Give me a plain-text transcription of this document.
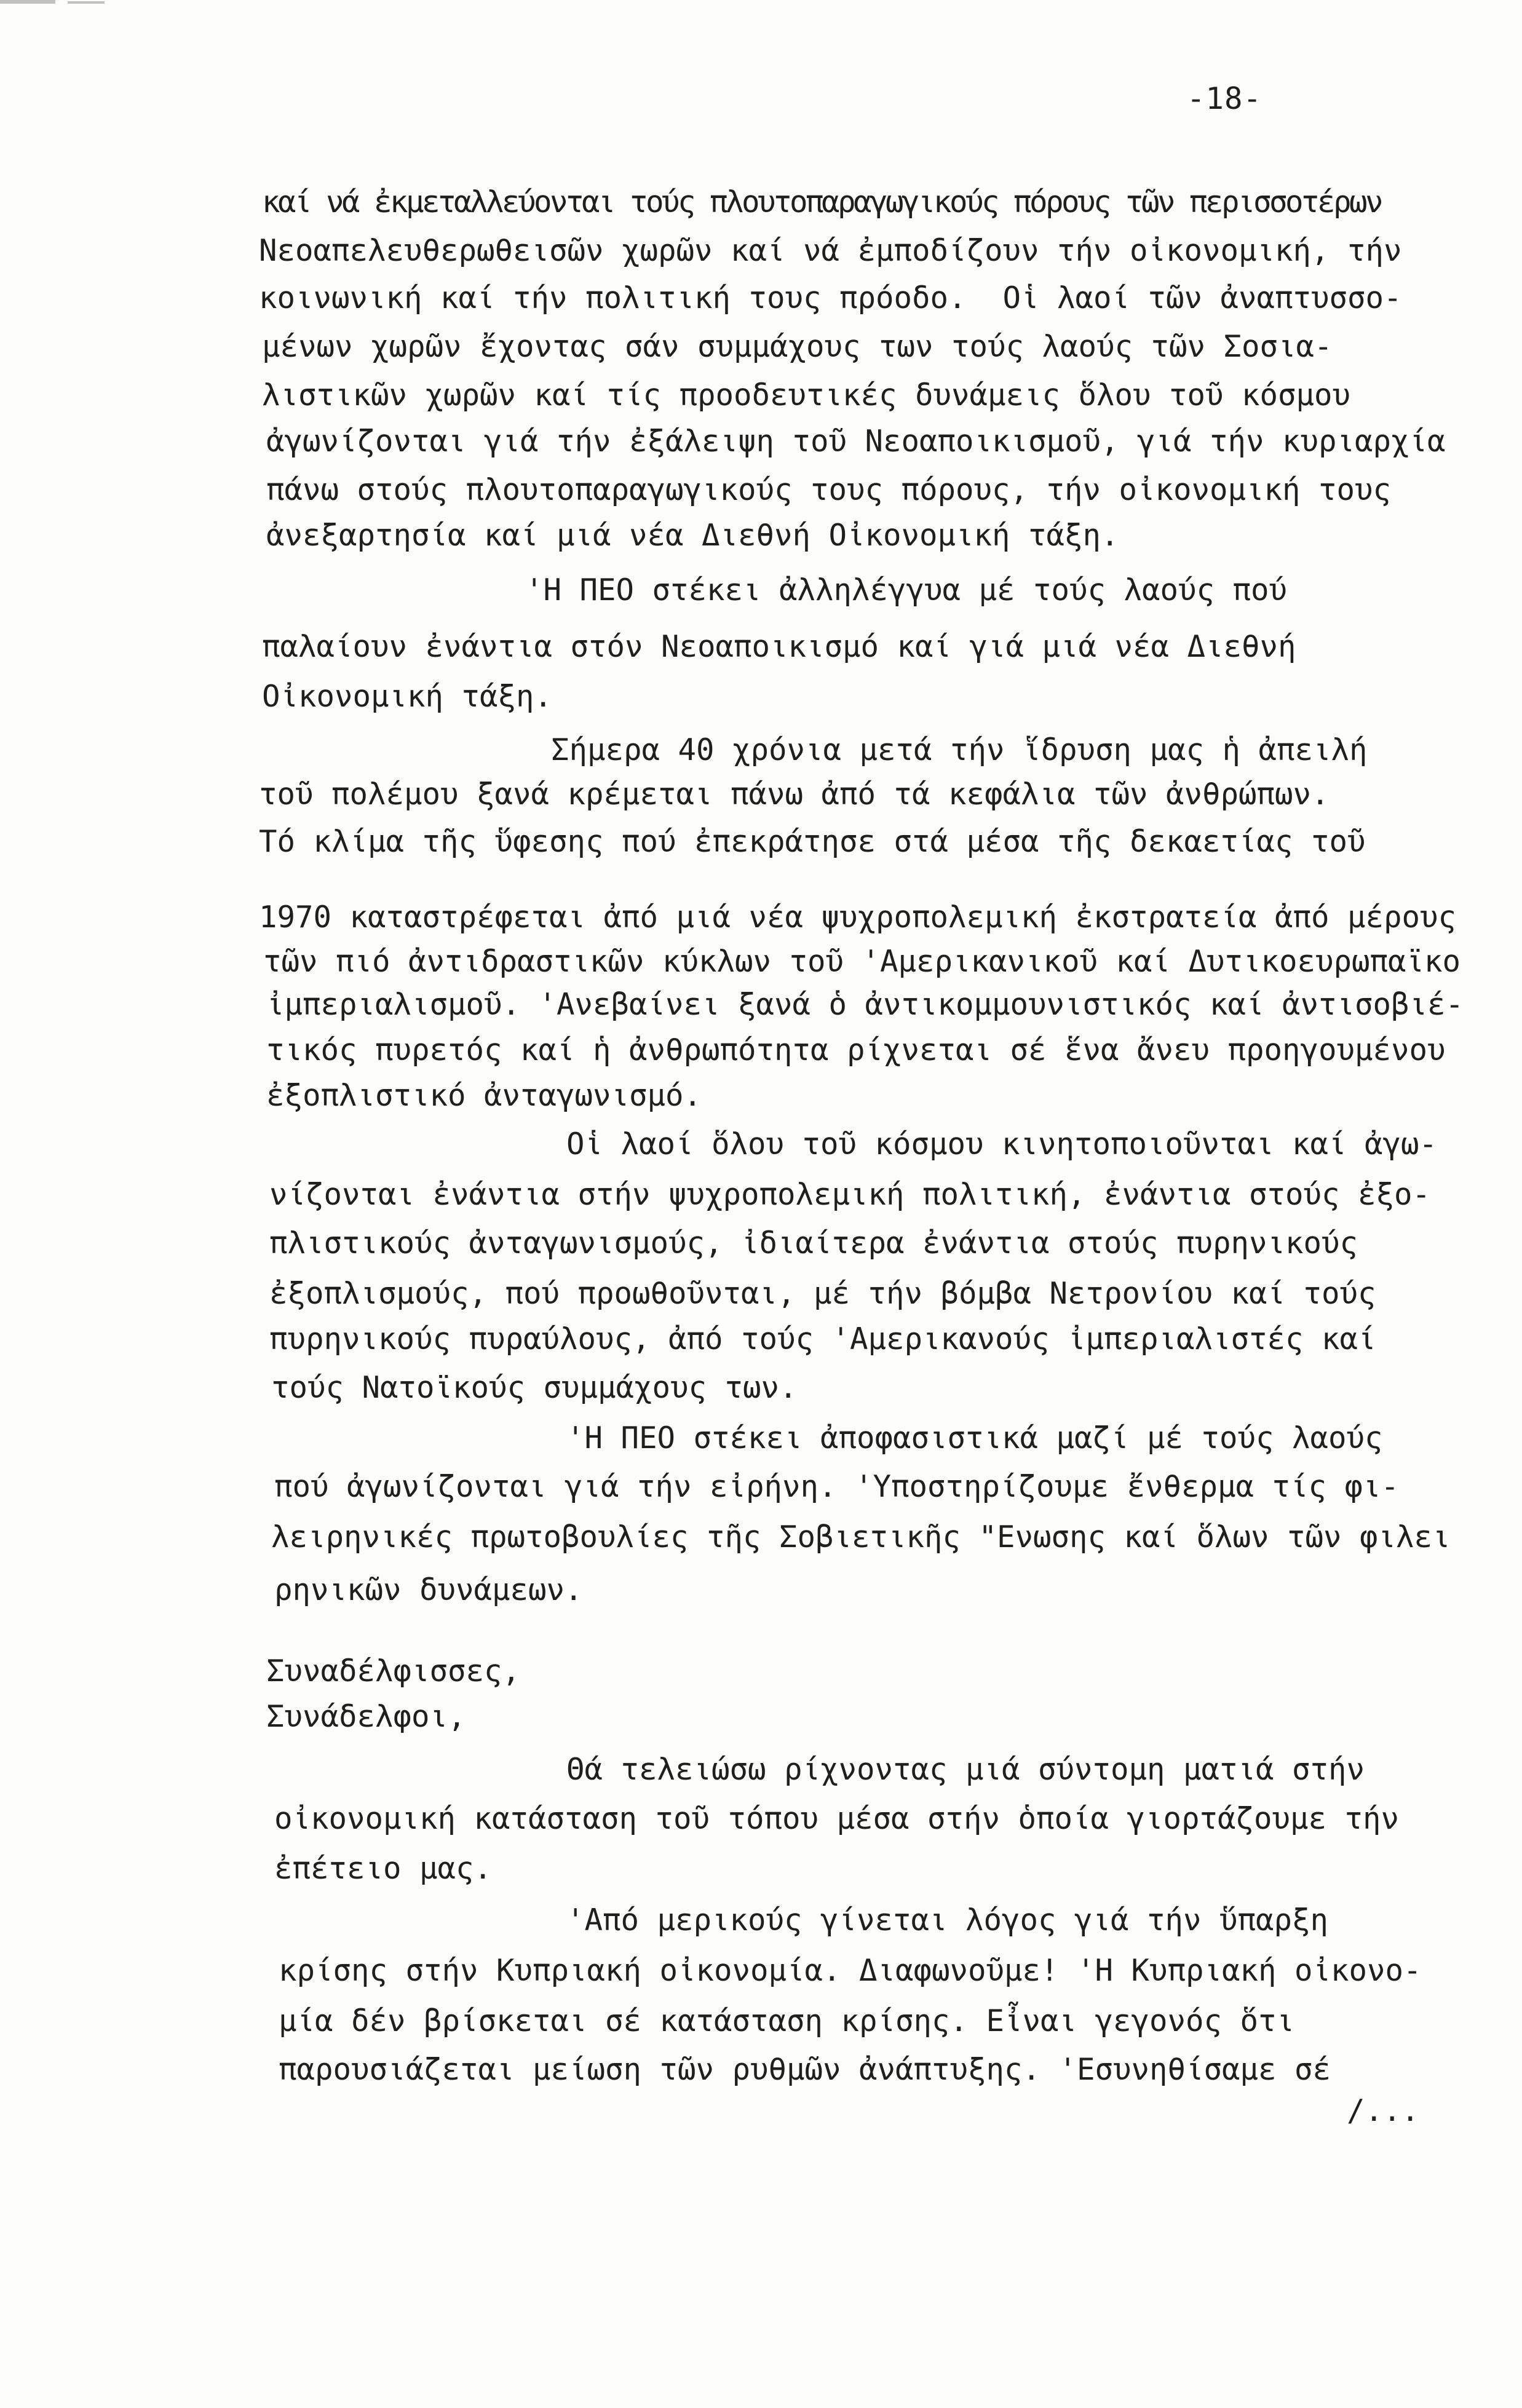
-18-
καί νά ἐκμεταλλεύονται τούς πλουτοπαραγωγικούς πόρους τῶν περισσοτέρων
Νεοαπελευθερωθεισῶν χωρῶν καί νά ἐμποδίζουν τήν οἰκονομική, τήν
κοινωνική καί τήν πολιτική τους πρόοδο.  Οἱ λαοί τῶν ἀναπτυσσο-
μένων χωρῶν ἔχοντας σάν συμμάχους των τούς λαούς τῶν Σοσια-
λιστικῶν χωρῶν καί τίς προοδευτικές δυνάμεις ὅλου τοῦ κόσμου
ἀγωνίζονται γιά τήν ἐξάλειψη τοῦ Νεοαποικισμοῦ, γιά τήν κυριαρχία
πάνω στούς πλουτοπαραγωγικούς τους πόρους, τήν οἰκονομική τους
ἀνεξαρτησία καί μιά νέα Διεθνή Οἰκονομική τάξη.
'Η ΠΕΟ στέκει ἀλληλέγγυα μέ τούς λαούς πού
παλαίουν ἐνάντια στόν Νεοαποικισμό καί γιά μιά νέα Διεθνή
Οἰκονομική τάξη.
Σήμερα 40 χρόνια μετά τήν ἵδρυση μας ἡ ἀπειλή
τοῦ πολέμου ξανά κρέμεται πάνω ἀπό τά κεφάλια τῶν ἀνθρώπων.
Τό κλίμα τῆς ὕφεσης πού ἐπεκράτησε στά μέσα τῆς δεκαετίας τοῦ
1970 καταστρέφεται ἀπό μιά νέα ψυχροπολεμική ἐκστρατεία ἀπό μέρους
τῶν πιό ἀντιδραστικῶν κύκλων τοῦ 'Αμερικανικοῦ καί Δυτικοευρωπαϊκο
ἰμπεριαλισμοῦ. 'Ανεβαίνει ξανά ὁ ἀντικομμουνιστικός καί ἀντισοβιέ-
τικός πυρετός καί ἡ ἀνθρωπότητα ρίχνεται σέ ἕνα ἄνευ προηγουμένου
ἐξοπλιστικό ἀνταγωνισμό.
Οἱ λαοί ὅλου τοῦ κόσμου κινητοποιοῦνται καί ἀγω-
νίζονται ἐνάντια στήν ψυχροπολεμική πολιτική, ἐνάντια στούς ἐξο-
πλιστικούς ἀνταγωνισμούς, ἰδιαίτερα ἐνάντια στούς πυρηνικούς
ἐξοπλισμούς, πού προωθοῦνται, μέ τήν βόμβα Νετρονίου καί τούς
πυρηνικούς πυραύλους, ἀπό τούς 'Αμερικανούς ἰμπεριαλιστές καί
τούς Νατοϊκούς συμμάχους των.
'Η ΠΕΟ στέκει ἀποφασιστικά μαζί μέ τούς λαούς
πού ἀγωνίζονται γιά τήν εἰρήνη. 'Υποστηρίζουμε ἔνθερμα τίς φι-
λειρηνικές πρωτοβουλίες τῆς Σοβιετικῆς "Ενωσης καί ὅλων τῶν φιλει
ρηνικῶν δυνάμεων.
Συναδέλφισσες,
Συνάδελφοι,
Θά τελειώσω ρίχνοντας μιά σύντομη ματιά στήν
οἰκονομική κατάσταση τοῦ τόπου μέσα στήν ὁποία γιορτάζουμε τήν
ἐπέτειο μας.
'Από μερικούς γίνεται λόγος γιά τήν ὕπαρξη
κρίσης στήν Κυπριακή οἰκονομία. Διαφωνοῦμε! 'Η Κυπριακή οἰκονο-
μία δέν βρίσκεται σέ κατάσταση κρίσης. Εἶναι γεγονός ὅτι
παρουσιάζεται μείωση τῶν ρυθμῶν ἀνάπτυξης. 'Εσυνηθίσαμε σέ
/...
